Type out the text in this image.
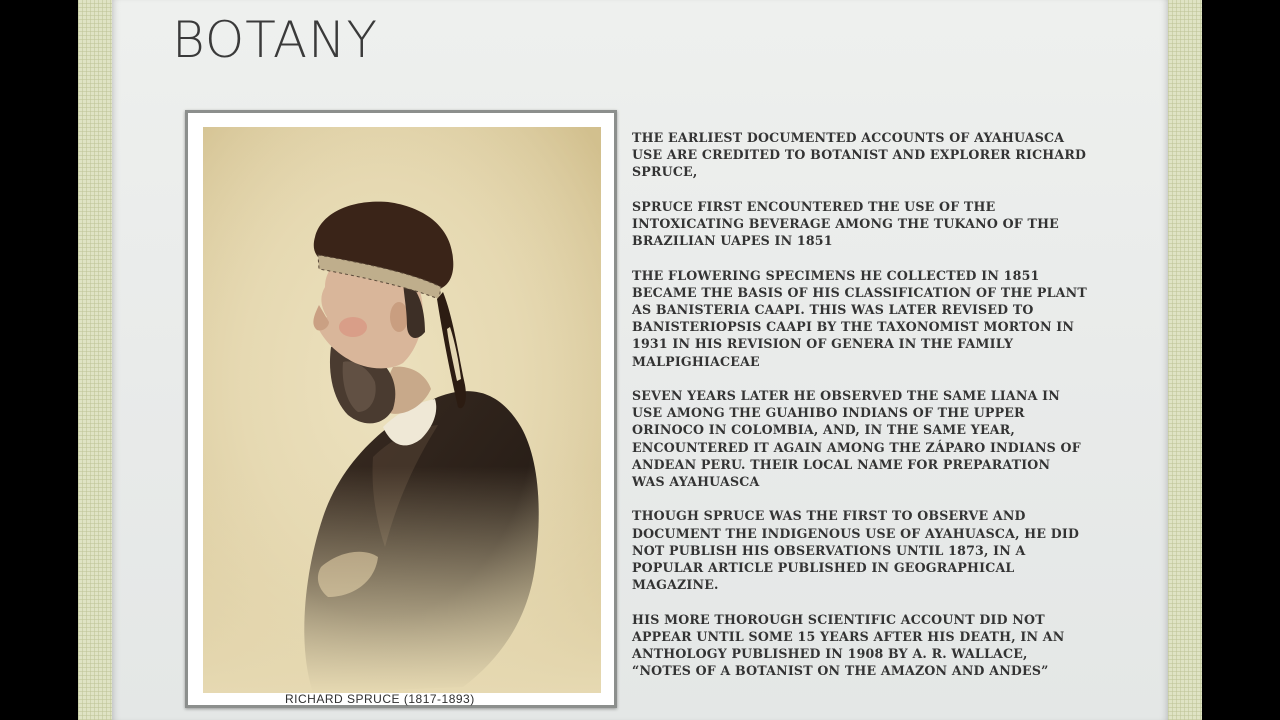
BOTANY
RICHARD SPRUCE (1817-1893)

THE EARLIEST DOCUMENTED ACCOUNTS OF AYAHUASCA USE ARE CREDITED TO BOTANIST AND EXPLORER RICHARD SPRUCE,

SPRUCE FIRST ENCOUNTERED THE USE OF THE INTOXICATING BEVERAGE AMONG THE TUKANO OF THE BRAZILIAN UAPES IN 1851

THE FLOWERING SPECIMENS HE COLLECTED IN 1851 BECAME THE BASIS OF HIS CLASSIFICATION OF THE PLANT AS BANISTERIA CAAPI. THIS WAS LATER REVISED TO BANISTERIOPSIS CAAPI BY THE TAXONOMIST MORTON IN 1931 IN HIS REVISION OF GENERA IN THE FAMILY MALPIGHIACEAE

SEVEN YEARS LATER HE OBSERVED THE SAME LIANA IN USE AMONG THE GUAHIBO INDIANS OF THE UPPER ORINOCO IN COLOMBIA, AND, IN THE SAME YEAR, ENCOUNTERED IT AGAIN AMONG THE ZÁPARO INDIANS OF ANDEAN PERU. THEIR LOCAL NAME FOR PREPARATION WAS AYAHUASCA

THOUGH SPRUCE WAS THE FIRST TO OBSERVE AND DOCUMENT THE INDIGENOUS USE OF AYAHUASCA, HE DID NOT PUBLISH HIS OBSERVATIONS UNTIL 1873, IN A POPULAR ARTICLE PUBLISHED IN GEOGRAPHICAL MAGAZINE.

HIS MORE THOROUGH SCIENTIFIC ACCOUNT DID NOT APPEAR UNTIL SOME 15 YEARS AFTER HIS DEATH, IN AN ANTHOLOGY PUBLISHED IN 1908 BY A. R. WALLACE, “NOTES OF A BOTANIST ON THE AMAZON AND ANDES”
